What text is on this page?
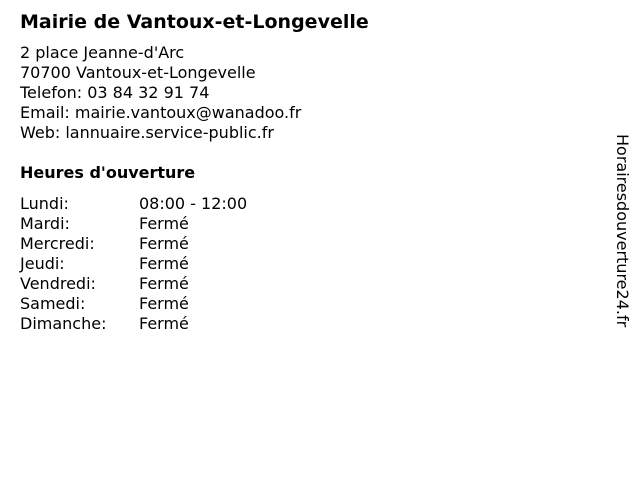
Mairie de Vantoux-et-Longevelle
2 place Jeanne-d'Arc
70700 Vantoux-et-Longevelle
Telefon: 03 84 32 91 74
Email: mairie.vantoux@wanadoo.fr
Web: lannuaire.service-public.fr
Heures d'ouverture
Lundi:	08:00 - 12:00
Mardi:	Fermé
Mercredi:	Fermé
Jeudi:	Fermé
Vendredi:	Fermé
Samedi:	Fermé
Dimanche:	Fermé	Horairesdouverture24.fr
